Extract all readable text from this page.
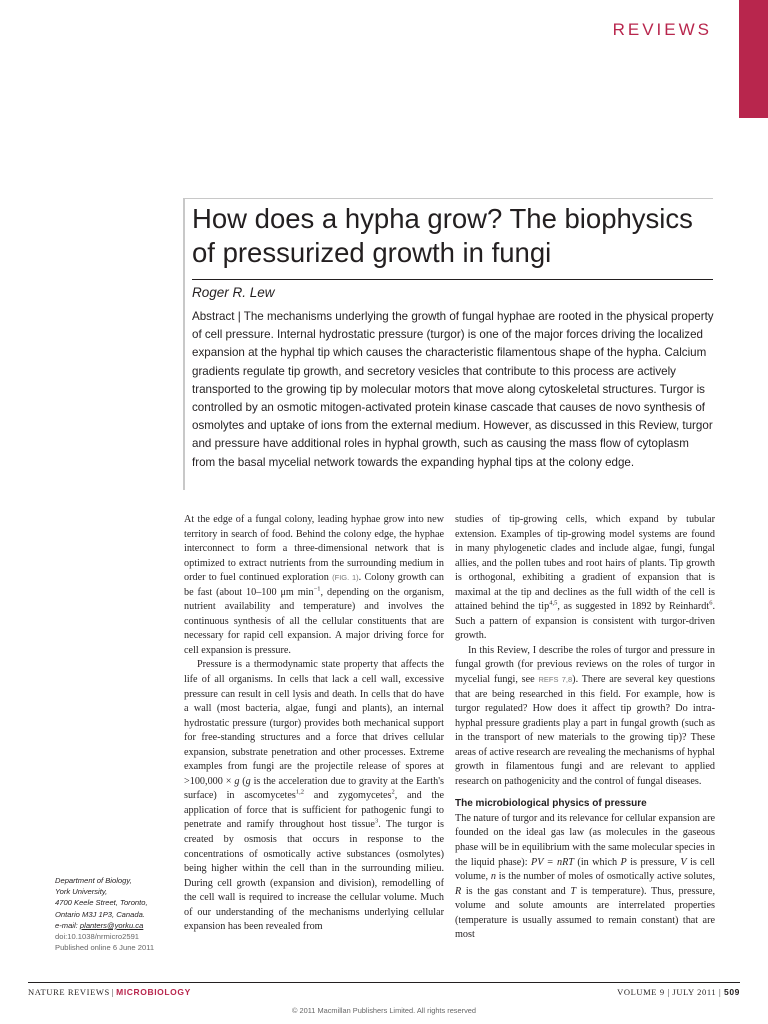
REVIEWS
How does a hypha grow? The biophysics of pressurized growth in fungi
Roger R. Lew

Abstract | The mechanisms underlying the growth of fungal hyphae are rooted in the physical property of cell pressure. Internal hydrostatic pressure (turgor) is one of the major forces driving the localized expansion at the hyphal tip which causes the characteristic filamentous shape of the hypha. Calcium gradients regulate tip growth, and secretory vesicles that contribute to this process are actively transported to the growing tip by molecular motors that move along cytoskeletal structures. Turgor is controlled by an osmotic mitogen-activated protein kinase cascade that causes de novo synthesis of osmolytes and uptake of ions from the external medium. However, as discussed in this Review, turgor and pressure have additional roles in hyphal growth, such as causing the mass flow of cytoplasm from the basal mycelial network towards the expanding hyphal tips at the colony edge.

At the edge of a fungal colony, leading hyphae grow into new territory in search of food. Behind the colony edge, the hyphae interconnect to form a three-dimensional network that is optimized to extract nutrients from the surrounding medium in order to fuel continued exploration (FIG. 1). Colony growth can be fast (about 10–100 μm $\min^{-1}$, depending on the organism, nutrient availability and temperature) and involves the continuous synthesis of all the cellular constituents that are necessary for rapid cell expansion. A major driving force for cell expansion is pressure.

Pressure is a thermodynamic state property that affects the life of all organisms. In cells that lack a cell wall, excessive pressure can result in cell lysis and death. In cells that do have a wall (most bacteria, algae, fungi and plants), an internal hydrostatic pressure (turgor) provides both mechanical support for free-standing structures and a force that drives cellular expansion, substrate penetration and other processes. Extreme examples from fungi are the projectile release of spores at >100,000 × g (g is the acceleration due to gravity at the Earth's surface) in ascomycetes$^{1,2}$ and zygomycetes$^2$, and the application of force that is sufficient for pathogenic fungi to penetrate and ramify throughout host tissue$^3$. The turgor is created by osmosis that occurs in response to the concentrations of osmotically active substances (osmolytes) being higher within the cell than in the surrounding milieu. During cell growth (expansion and division), remodelling of the cell wall is required to increase the cellular volume. Much of our understanding of the mechanisms underlying cellular expansion has been revealed from

studies of tip-growing cells, which expand by tubular extension. Examples of tip-growing model systems are found in many phylogenetic clades and include algae, fungi, fungal allies, and the pollen tubes and root hairs of plants. Tip growth is orthogonal, exhibiting a gradient of expansion that is maximal at the tip and declines as the full width of the cell is attained behind the tip$^{4,5}$, as suggested in 1892 by Reinhardt$^6$. Such a pattern of expansion is consistent with turgor-driven growth.

In this Review, I describe the roles of turgor and pressure in fungal growth (for previous reviews on the roles of turgor in mycelial fungi, see REFS 7,8). There are several key questions that are being researched in this field. For example, how is turgor regulated? How does it affect tip growth? Do intra-hyphal pressure gradients play a part in fungal growth (such as in the transport of new materials to the growing tip)? These areas of active research are revealing the mechanisms of hyphal growth in filamentous fungi and are relevant to applied research on pathogenicity and the control of fungal diseases.

The microbiological physics of pressure

The nature of turgor and its relevance for cellular expansion are founded on the ideal gas law (as molecules in the gaseous phase will be in equilibrium with the same molecular species in the liquid phase): PV = nRT (in which P is pressure, V is cell volume, n is the number of moles of osmotically active solutes, R is the gas constant and T is temperature). Thus, pressure, volume and solute amounts are interrelated properties (temperature is usually assumed to remain constant) that are most

Department of Biology,
York University,
4700 Keele Street, Toronto,
Ontario M3J 1P3, Canada.
e-mail: planters@yorku.ca
doi:10.1038/nrmicro2591
Published online 6 June 2011
NATURE REVIEWS | MICROBIOLOGY	VOLUME 9 | JULY 2011 | 509
© 2011 Macmillan Publishers Limited. All rights reserved
